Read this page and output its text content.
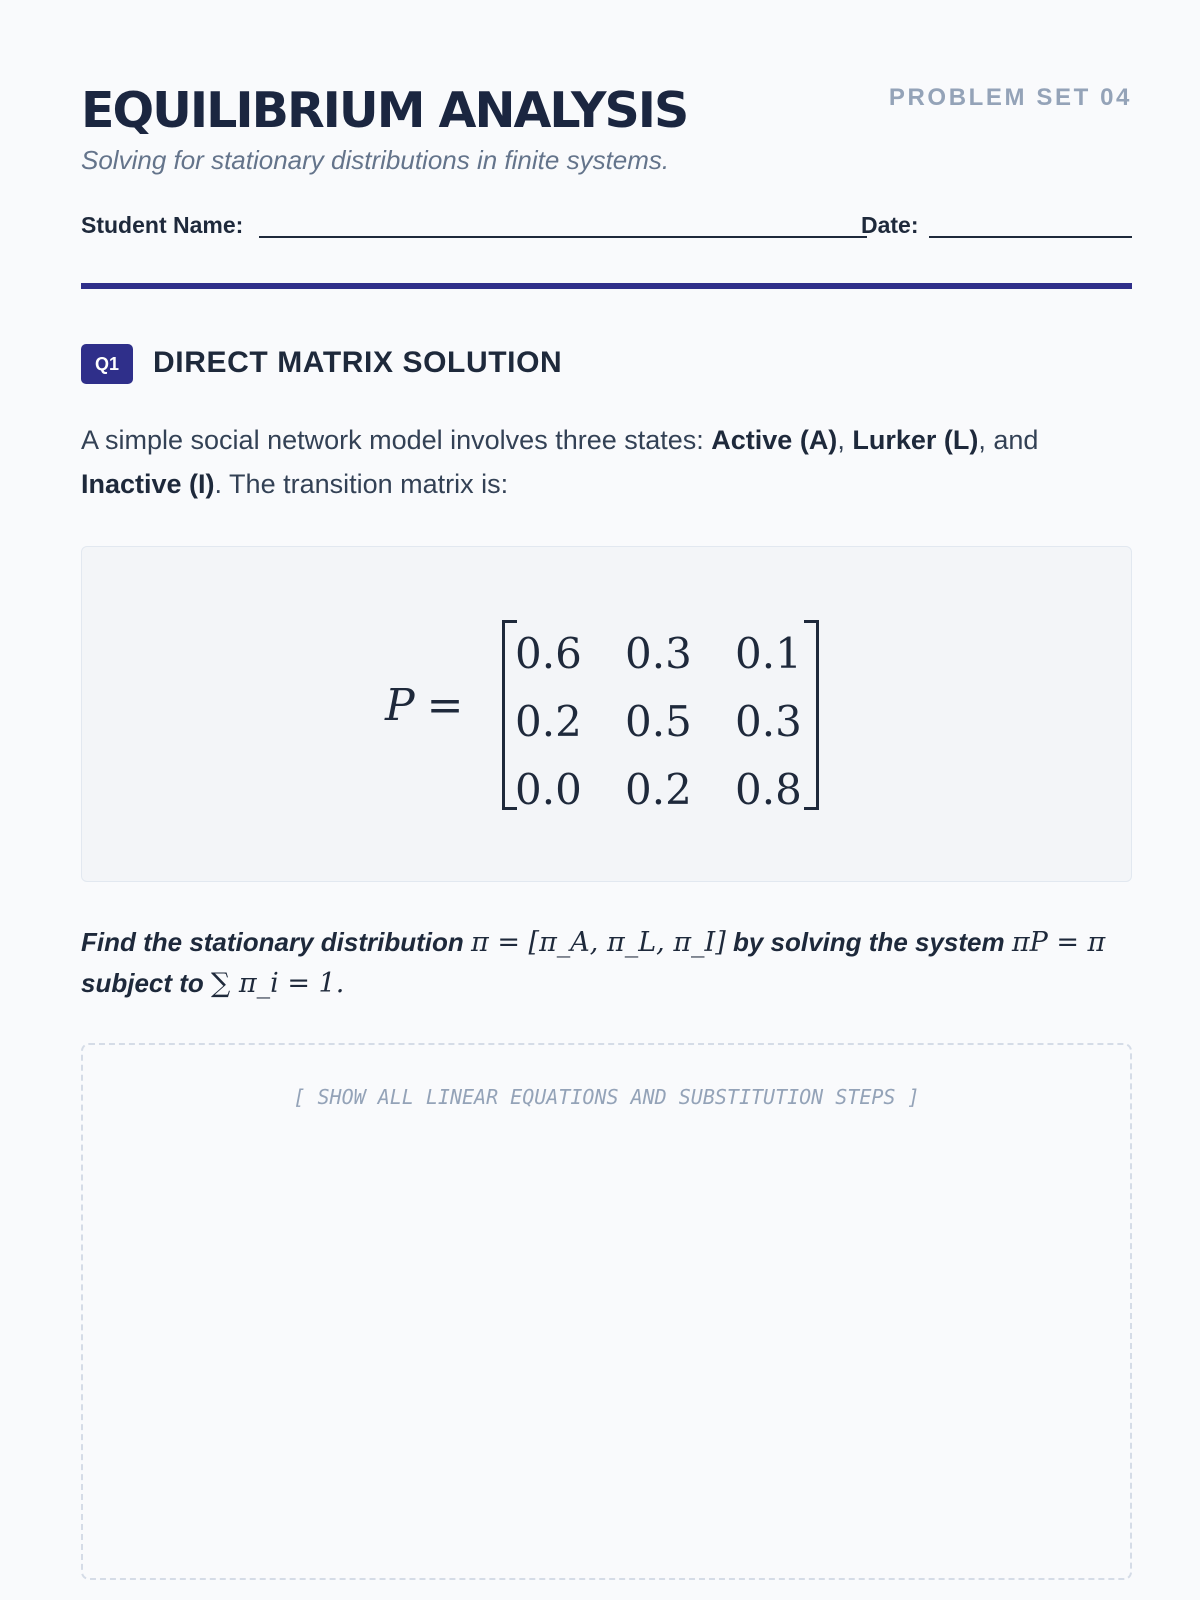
EQUILIBRIUM ANALYSIS	PROBLEM SET 04

Solving for stationary distributions in finite systems.

Student Name:	Date:
Q1	DIRECT MATRIX SOLUTION

A simple social network model involves three states: Active (A), Lurker (L), and Inactive (I). The transition matrix is:

P =
0.6	0.3	0.1
0.2	0.5	0.3
0.0	0.2	0.8

Find the stationary distribution π = [π_A, π_L, π_I] by solving the system πP = π subject to ∑ π_i = 1.

[ SHOW ALL LINEAR EQUATIONS AND SUBSTITUTION STEPS ]
